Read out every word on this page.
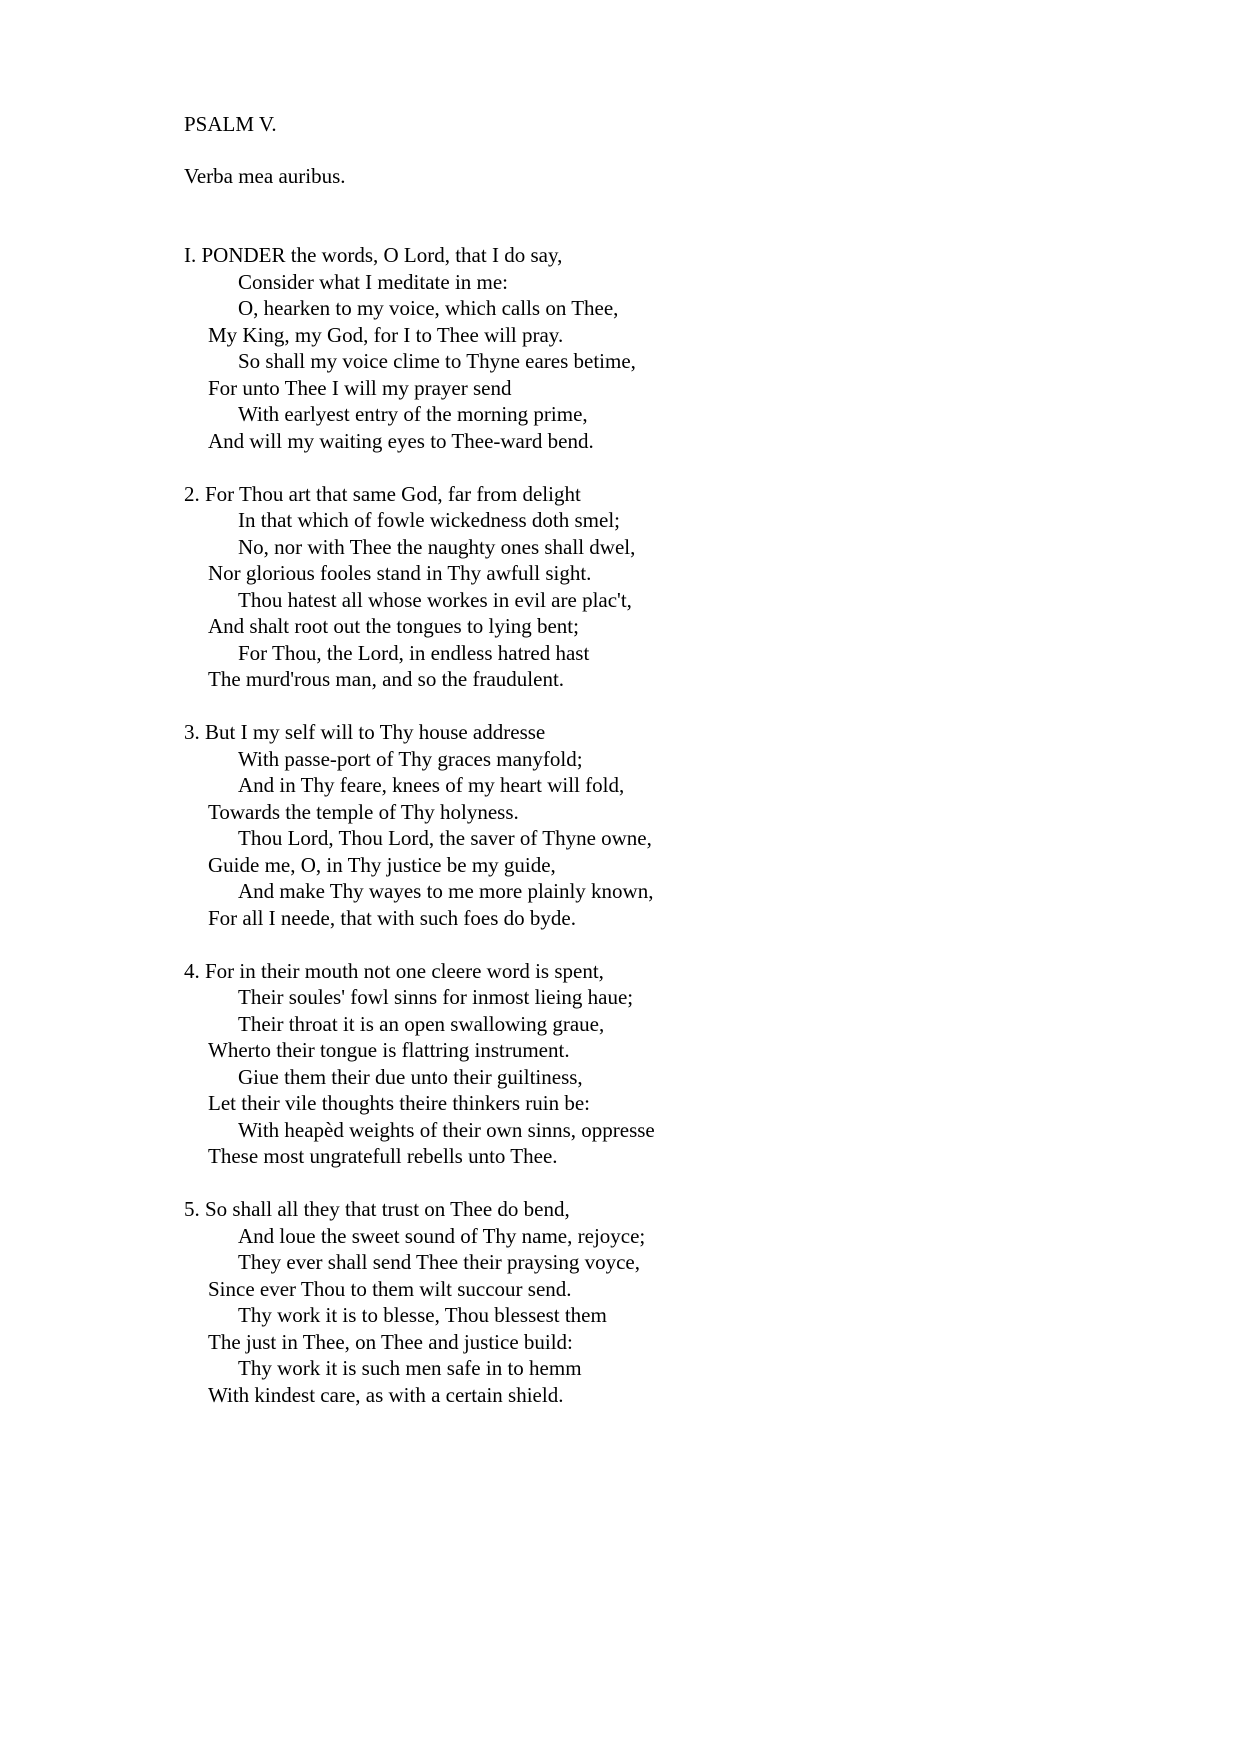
PSALM V.

Verba mea auribus.

I. PONDER the words, O Lord, that I do say,
Consider what I meditate in me:
O, hearken to my voice, which calls on Thee,
My King, my God, for I to Thee will pray.
So shall my voice clime to Thyne eares betime,
For unto Thee I will my prayer send
With earlyest entry of the morning prime,
And will my waiting eyes to Thee-ward bend.
2. For Thou art that same God, far from delight
In that which of fowle wickedness doth smel;
No, nor with Thee the naughty ones shall dwel,
Nor glorious fooles stand in Thy awfull sight.
Thou hatest all whose workes in evil are plac't,
And shalt root out the tongues to lying bent;
For Thou, the Lord, in endless hatred hast
The murd'rous man, and so the fraudulent.
3. But I my self will to Thy house addresse
With passe-port of Thy graces manyfold;
And in Thy feare, knees of my heart will fold,
Towards the temple of Thy holyness.
Thou Lord, Thou Lord, the saver of Thyne owne,
Guide me, O, in Thy justice be my guide,
And make Thy wayes to me more plainly known,
For all I neede, that with such foes do byde.
4. For in their mouth not one cleere word is spent,
Their soules' fowl sinns for inmost lieing haue;
Their throat it is an open swallowing graue,
Wherto their tongue is flattring instrument.
Giue them their due unto their guiltiness,
Let their vile thoughts theire thinkers ruin be:
With heapèd weights of their own sinns, oppresse
These most ungratefull rebells unto Thee.
5. So shall all they that trust on Thee do bend,
And loue the sweet sound of Thy name, rejoyce;
They ever shall send Thee their praysing voyce,
Since ever Thou to them wilt succour send.
Thy work it is to blesse, Thou blessest them
The just in Thee, on Thee and justice build:
Thy work it is such men safe in to hemm
With kindest care, as with a certain shield.
